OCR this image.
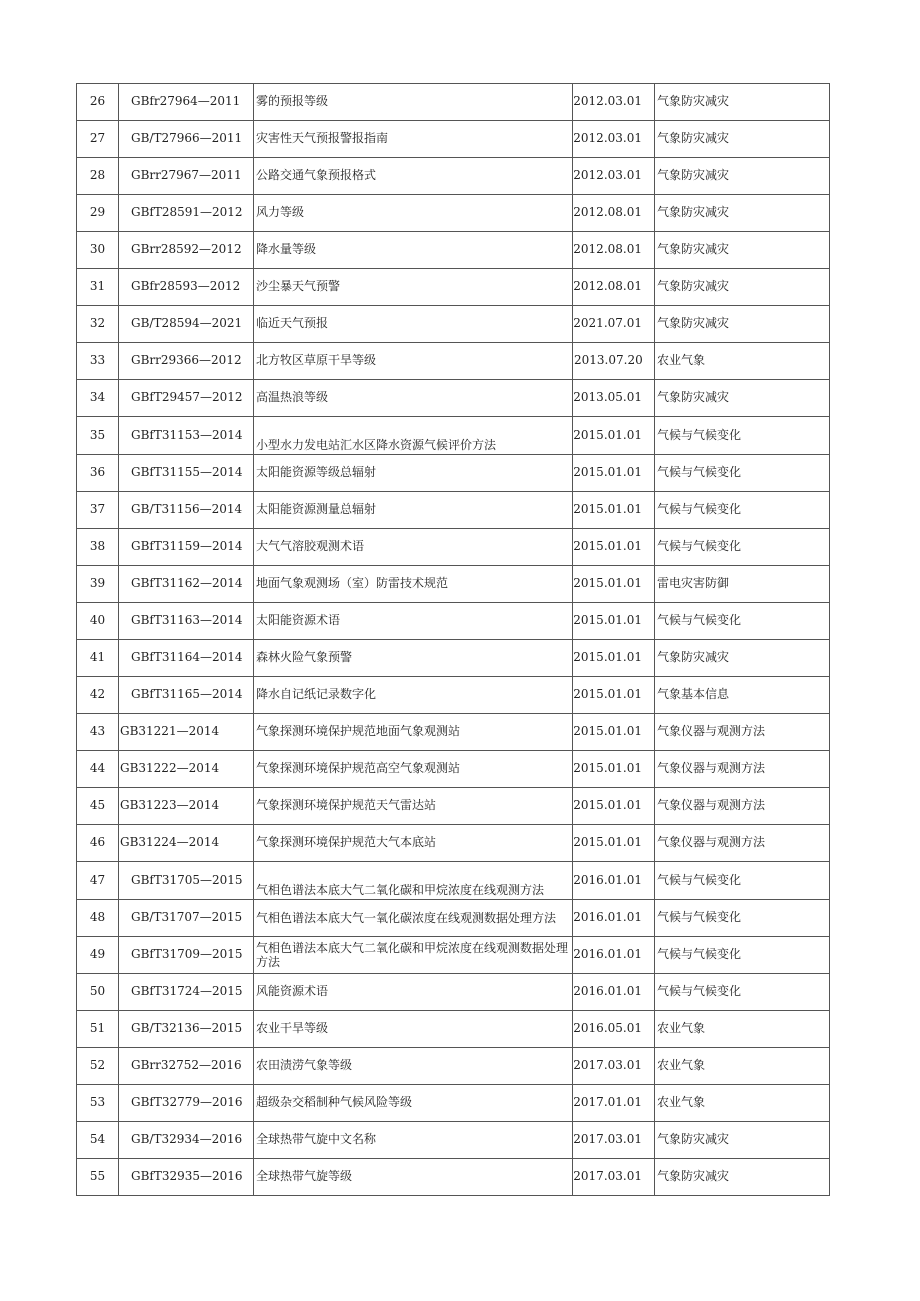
26	GBfr27964—2011	雾的预报等级	2012.03.01	气象防灾减灾
27	GB/T27966—2011	灾害性天气预报警报指南	2012.03.01	气象防灾减灾
28	GBrr27967—2011	公路交通气象预报格式	2012.03.01	气象防灾减灾
29	GBfT28591—2012	风力等级	2012.08.01	气象防灾减灾
30	GBrr28592—2012	降水量等级	2012.08.01	气象防灾减灾
31	GBfr28593—2012	沙尘暴天气预警	2012.08.01	气象防灾减灾
32	GB/T28594—2021	临近天气预报	2021.07.01	气象防灾减灾
33	GBrr29366—2012	北方牧区草原干旱等级	2013.07.20	农业气象
34	GBfT29457—2012	高温热浪等级	2013.05.01	气象防灾减灾
35	GBfT31153—2014	小型水力发电站汇水区降水资源气候评价方法	2015.01.01	气候与气候变化
36	GBfT31155—2014	太阳能资源等级总辐射	2015.01.01	气候与气候变化
37	GB/T31156—2014	太阳能资源测量总辐射	2015.01.01	气候与气候变化
38	GBfT31159—2014	大气气溶胶观测术语	2015.01.01	气候与气候变化
39	GBfT31162—2014	地面气象观测场（室）防雷技术规范	2015.01.01	雷电灾害防御
40	GBfT31163—2014	太阳能资源术语	2015.01.01	气候与气候变化
41	GBfT31164—2014	森林火险气象预警	2015.01.01	气象防灾减灾
42	GBfT31165—2014	降水自记纸记录数字化	2015.01.01	气象基本信息
43	GB31221—2014	气象探测环境保护规范地面气象观测站	2015.01.01	气象仪器与观测方法
44	GB31222—2014	气象探测环境保护规范高空气象观测站	2015.01.01	气象仪器与观测方法
45	GB31223—2014	气象探测环境保护规范天气雷达站	2015.01.01	气象仪器与观测方法
46	GB31224—2014	气象探测环境保护规范大气本底站	2015.01.01	气象仪器与观测方法
47	GBfT31705—2015	气相色谱法本底大气二氧化碳和甲烷浓度在线观测方法	2016.01.01	气候与气候变化
48	GB/T31707—2015	气相色谱法本底大气一氧化碳浓度在线观测数据处理方法	2016.01.01	气候与气候变化
49	GBfT31709—2015	气相色谱法本底大气二氧化碳和甲烷浓度在线观测数据处理方法	2016.01.01	气候与气候变化
50	GBfT31724—2015	风能资源术语	2016.01.01	气候与气候变化
51	GB/T32136—2015	农业干旱等级	2016.05.01	农业气象
52	GBrr32752—2016	农田渍涝气象等级	2017.03.01	农业气象
53	GBfT32779—2016	超级杂交稻制种气候风险等级	2017.01.01	农业气象
54	GB/T32934—2016	全球热带气旋中文名称	2017.03.01	气象防灾减灾
55	GBfT32935—2016	全球热带气旋等级	2017.03.01	气象防灾减灾
